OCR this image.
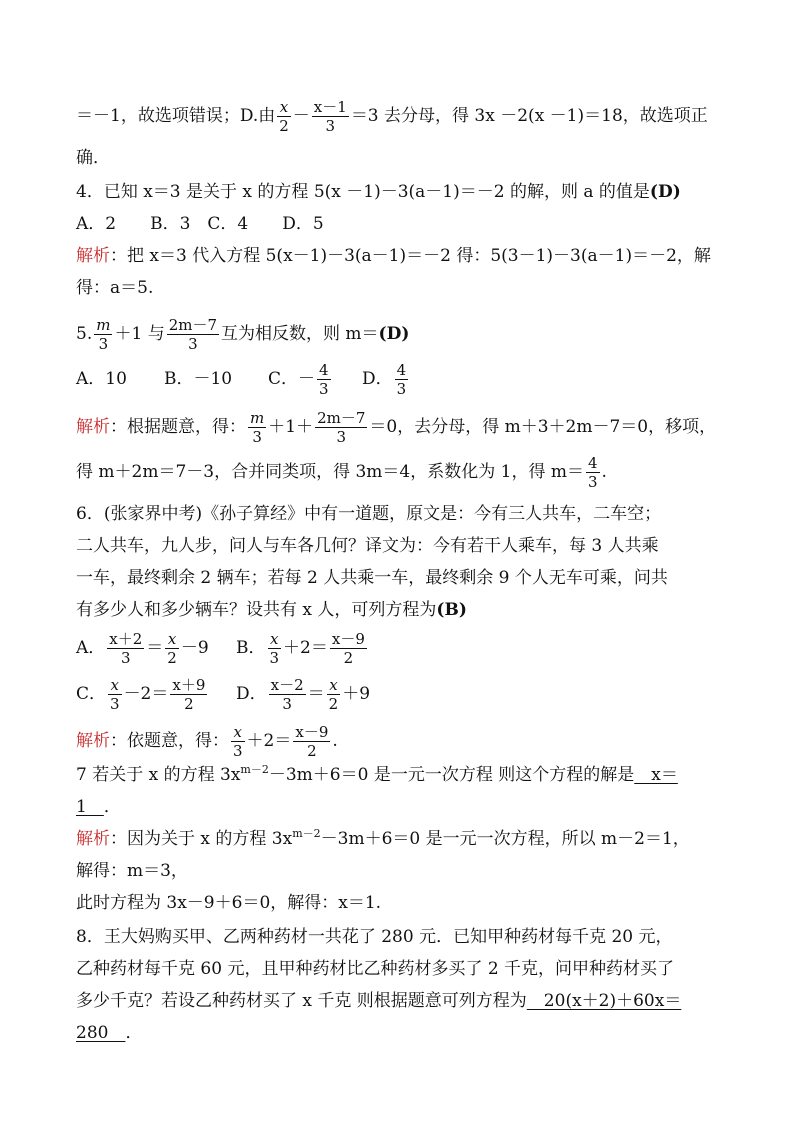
＝－1，故选项错误；D.由 $\frac{x}{2} - \frac{x-1}{3} =3$ 去分母，得 3x －2(x －1)＝18，故选项正
确．
4．已知 x＝3 是关于 x 的方程 5(x －1)－3(a－1)＝－2 的解，则 a 的值是(D)
A．2　　B．3　C．4　　D．5
解析：把 x＝3 代入方程 5(x－1)－3(a－1)＝－2 得：5(3－1)－3(a－1)＝－2，解
得：a＝5.
5. $\frac{m}{3} +1$ 与 $\frac{2m-7}{3}$ 互为相反数，则 m＝(D)
A．10 B．－10 C．－ $\frac{4}{3}$ D． $\frac{4}{3}$
解析：根据题意，得： $\frac{m}{3} +1+ \frac{2m-7}{3} =0$，去分母，得 m＋3＋2m－7＝0，移项，
得 m＋2m＝7－3，合并同类项，得 3m＝4，系数化为 1，得 $m= \frac{4}{3}$ .
6．(张家界中考)《孙子算经》中有一道题，原文是：今有三人共车，二车空；
二人共车，九人步，问人与车各几何？译文为：今有若干人乘车，每 3 人共乘
一车，最终剩余 2 辆车；若每 2 人共乘一车，最终剩余 9 个人无车可乘，问共
有多少人和多少辆车？设共有 x 人，可列方程为(B)
A． $\frac{x+2}{3} = \frac{x}{2} -9$ B． $\frac{x}{3} +2= \frac{x-9}{2}$
C． $\frac{x}{3} -2= \frac{x+9}{2}$ D． $\frac{x-2}{3} = \frac{x}{2} +9$
解析：依题意，得： $\frac{x}{3} +2= \frac{x-9}{2}$ .
7 若关于 x 的方程 $3x^{m-2}-3m+6=0$ 是一元一次方程 则这个方程的解是　x＝
1　．
解析：因为关于 x 的方程 $3x^{m-2}-3m+6=0$ 是一元一次方程，所以 m－2＝1，
解得：m＝3，
此时方程为 3x－9＋6＝0，解得：x＝1.
8．王大妈购买甲、乙两种药材一共花了 280 元．已知甲种药材每千克 20 元，
乙种药材每千克 60 元，且甲种药材比乙种药材多买了 2 千克，问甲种药材买了
多少千克？若设乙种药材买了 x 千克 则根据题意可列方程为　20(x＋2)＋60x＝
280　．
